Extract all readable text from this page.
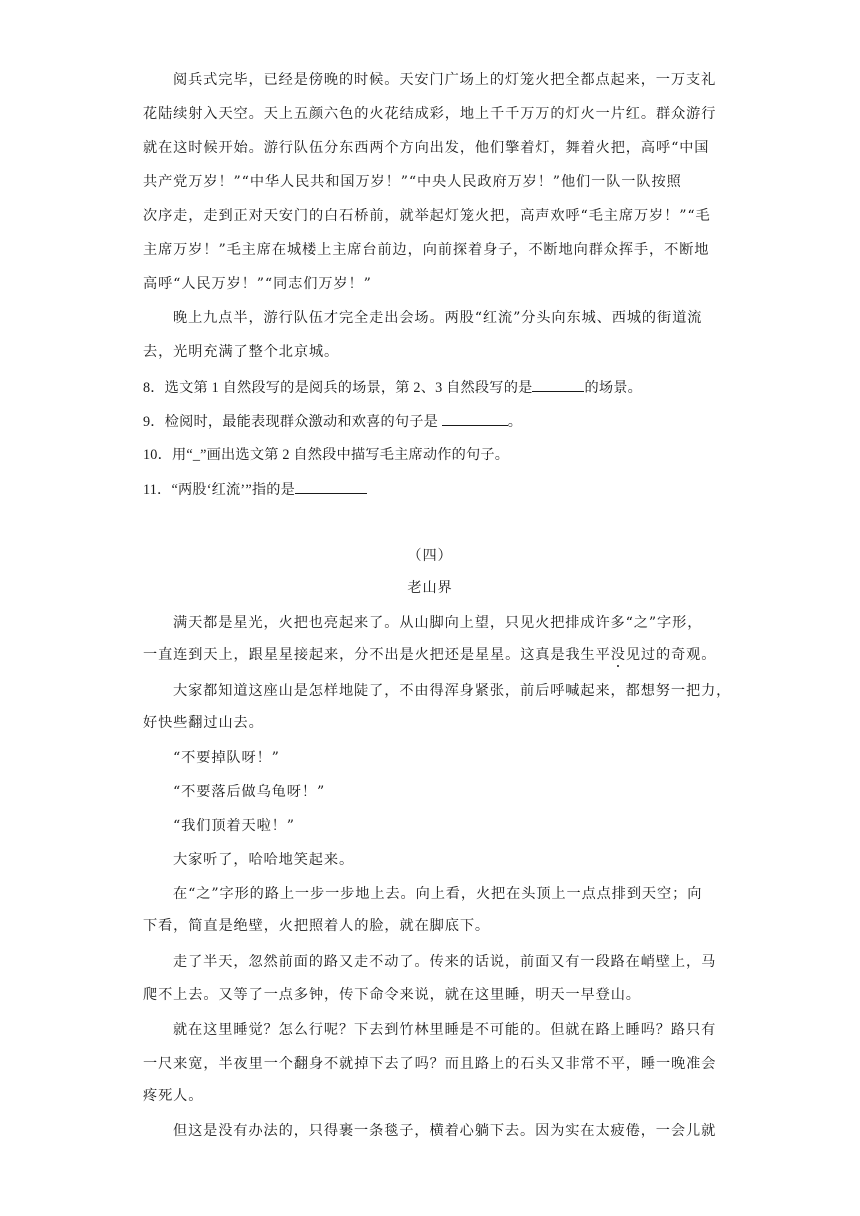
阅兵式完毕，已经是傍晚的时候。天安门广场上的灯笼火把全都点起来，一万支礼
花陆续射入天空。天上五颜六色的火花结成彩，地上千千万万的灯火一片红。群众游行
就在这时候开始。游行队伍分东西两个方向出发，他们擎着灯，舞着火把，高呼“中国
共产党万岁！”“中华人民共和国万岁！”“中央人民政府万岁！”他们一队一队按照
次序走，走到正对天安门的白石桥前，就举起灯笼火把，高声欢呼“毛主席万岁！”“毛
主席万岁！”毛主席在城楼上主席台前边，向前探着身子，不断地向群众挥手，不断地
高呼“人民万岁！”“同志们万岁！”
晚上九点半，游行队伍才完全走出会场。两股“红流”分头向东城、西城的街道流
去，光明充满了整个北京城。
8．选文第 1 自然段写的是阅兵的场景，第 2、3 自然段写的是	的场景。
9．检阅时，最能表现群众激动和欢喜的句子是	。
10．用“_”画出选文第 2 自然段中描写毛主席动作的句子。
11．“两股‘红流’”指的是
（四）
老山界
满天都是星光，火把也亮起来了。从山脚向上望，只见火把排成许多“之”字形，
一直连到天上，跟星星接起来，分不出是火把还是星星。这真是我生平没见过的奇观。
大家都知道这座山是怎样地陡了，不由得浑身紧张，前后呼喊起来，都想努一把力，
好快些翻过山去。
“不要掉队呀！”
“不要落后做乌龟呀！”
“我们顶着天啦！”
大家听了，哈哈地笑起来。
在“之”字形的路上一步一步地上去。向上看，火把在头顶上一点点排到天空；向
下看，简直是绝壁，火把照着人的脸，就在脚底下。
走了半天，忽然前面的路又走不动了。传来的话说，前面又有一段路在峭壁上，马
爬不上去。又等了一点多钟，传下命令来说，就在这里睡，明天一早登山。
就在这里睡觉？怎么行呢？下去到竹林里睡是不可能的。但就在路上睡吗？路只有
一尺来宽，半夜里一个翻身不就掉下去了吗？而且路上的石头又非常不平，睡一晚准会
疼死人。
但这是没有办法的，只得裹一条毯子，横着心躺下去。因为实在太疲倦，一会儿就
